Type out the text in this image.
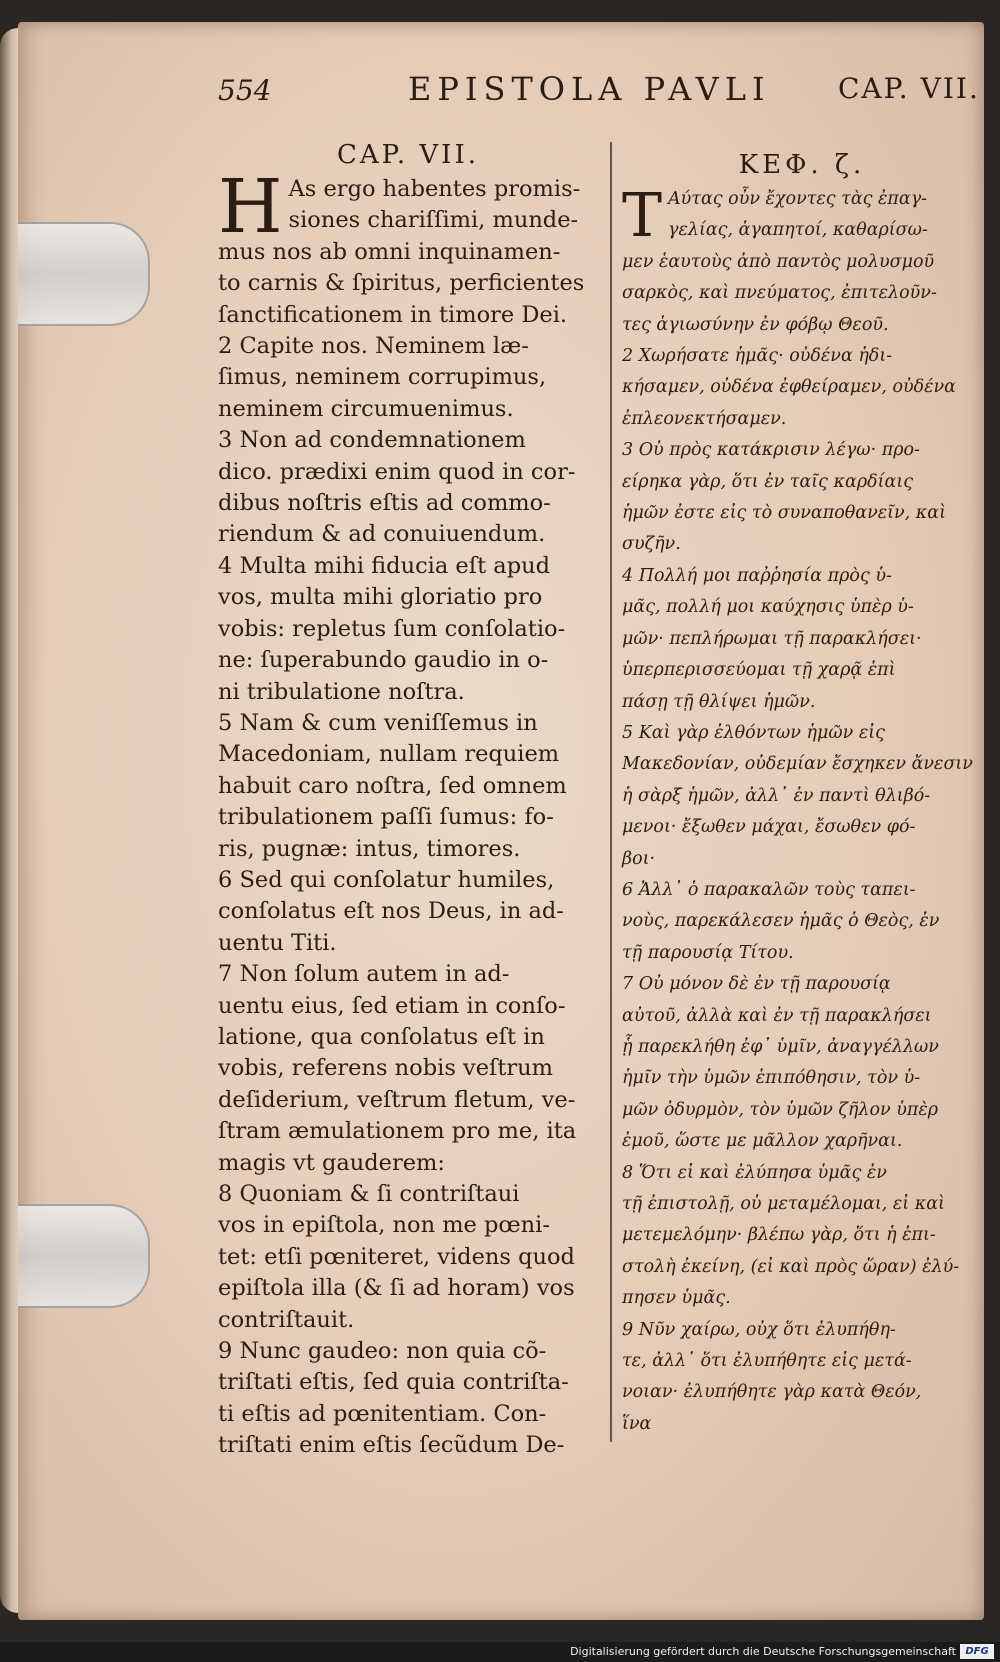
554	EPISTOLA PAVLI CAP. VII.
CAP. VII.
H As ergo habentes promis-

siones chariſſimi, munde-

mus nos ab omni inquinamen-

to carnis & ſpiritus, perficientes

ſanctificationem in timore Dei.

2 Capite nos. Neminem læ-

ſimus, neminem corrupimus,

neminem circumuenimus.

3 Non ad condemnationem

dico. prædixi enim quod in cor-

dibus noſtris eſtis ad commo-

riendum & ad conuiuendum.

4 Multa mihi fiducia eſt apud

vos, multa mihi gloriatio pro

vobis: repletus ſum conſolatio-

ne: ſuperabundo gaudio in o-

ni tribulatione noſtra.

5 Nam & cum veniſſemus in

Macedoniam, nullam requiem

habuit caro noſtra, ſed omnem

tribulationem paſſi ſumus: fo-

ris, pugnæ: intus, timores.

6 Sed qui conſolatur humiles,

conſolatus eſt nos Deus, in ad-

uentu Titi.

7 Non ſolum autem in ad-

uentu eius, ſed etiam in conſo-

latione, qua conſolatus eſt in

vobis, referens nobis veſtrum

deſiderium, veſtrum fletum, ve-

ſtram æmulationem pro me, ita

magis vt gauderem:

8 Quoniam & ſi contriſtaui

vos in epiſtola, non me pœni-

tet: etſi pœniteret, videns quod

epiſtola illa (& ſi ad horam) vos

contriſtauit.

9 Nunc gaudeo: non quia cõ-

triſtati eſtis, ſed quia contriſta-

ti eſtis ad pœnitentiam. Con-

triſtati enim eſtis ſecũdum De-

ΚΕΦ. ζ.
Τ Αύτας οὖν ἔχοντες τὰς ἐπαγ-

γελίας, ἀγαπητοί, καθαρίσω-

μεν ἑαυτοὺς ἀπὸ παντὸς μολυσμοῦ

σαρκὸς, καὶ πνεύματος, ἐπιτελοῦν-

τες ἁγιωσύνην ἐν φόβῳ Θεοῦ.

2 Χωρήσατε ἡμᾶς· οὐδένα ἠδι-

κήσαμεν, οὐδένα ἐφθείραμεν, οὐδένα

ἐπλεονεκτήσαμεν.

3 Οὐ πρὸς κατάκρισιν λέγω· προ-

είρηκα γὰρ, ὅτι ἐν ταῖς καρδίαις

ἡμῶν ἐστε εἰς τὸ συναποθανεῖν, καὶ

συζῆν.

4 Πολλή μοι παῤῥησία πρὸς ὑ-

μᾶς, πολλή μοι καύχησις ὑπὲρ ὑ-

μῶν· πεπλήρωμαι τῇ παρακλήσει·

ὑπερπερισσεύομαι τῇ χαρᾷ ἐπὶ

πάσῃ τῇ θλίψει ἡμῶν.

5 Καὶ γὰρ ἐλθόντων ἡμῶν εἰς

Μακεδονίαν, οὐδεμίαν ἔσχηκεν ἄνεσιν

ἡ σὰρξ ἡμῶν, ἀλλ᾽ ἐν παντὶ θλιβό-

μενοι· ἔξωθεν μάχαι, ἔσωθεν φό-

βοι·

6 Ἀλλ᾽ ὁ παρακαλῶν τοὺς ταπει-

νοὺς, παρεκάλεσεν ἡμᾶς ὁ Θεὸς, ἐν

τῇ παρουσίᾳ Τίτου.

7 Οὐ μόνον δὲ ἐν τῇ παρουσίᾳ

αὐτοῦ, ἀλλὰ καὶ ἐν τῇ παρακλήσει

ᾗ παρεκλήθη ἐφ᾽ ὑμῖν, ἀναγγέλλων

ἡμῖν τὴν ὑμῶν ἐπιπόθησιν, τὸν ὑ-

μῶν ὀδυρμὸν, τὸν ὑμῶν ζῆλον ὑπὲρ

ἐμοῦ, ὥστε με μᾶλλον χαρῆναι.

8 Ὅτι εἰ καὶ ἐλύπησα ὑμᾶς ἐν

τῇ ἐπιστολῇ, οὐ μεταμέλομαι, εἰ καὶ

μετεμελόμην· βλέπω γὰρ, ὅτι ἡ ἐπι-

στολὴ ἐκείνη, (εἰ καὶ πρὸς ὥραν) ἐλύ-

πησεν ὑμᾶς.

9 Νῦν χαίρω, οὐχ ὅτι ἐλυπήθη-

τε, ἀλλ᾽ ὅτι ἐλυπήθητε εἰς μετά-

νοιαν· ἐλυπήθητε γὰρ κατὰ Θεόν,

ἵνα

Digitalisierung gefördert durch die Deutsche Forschungsgemeinschaft DFG
